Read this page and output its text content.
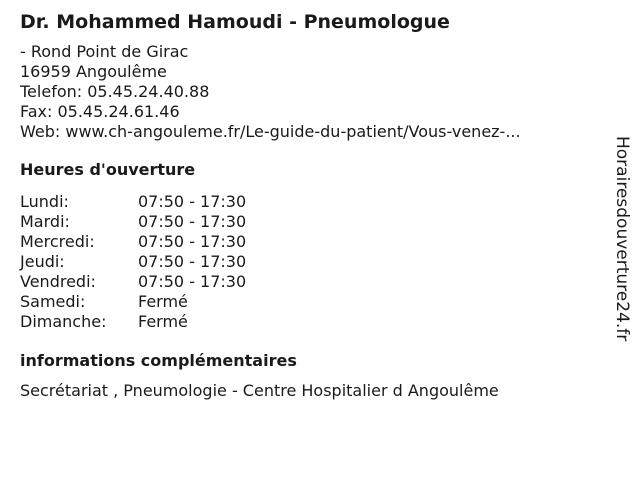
Dr. Mohammed Hamoudi - Pneumologue
- Rond Point de Girac
16959 Angoulême
Telefon: 05.45.24.40.88
Fax: 05.45.24.61.46
Web: www.ch-angouleme.fr/Le-guide-du-patient/Vous-venez-...
Heures d'ouverture
Lundi:	07:50 - 17:30
Mardi:	07:50 - 17:30
Mercredi:	07:50 - 17:30
Jeudi:	07:50 - 17:30
Vendredi:	07:50 - 17:30
Samedi:	Fermé
Dimanche:	Fermé
informations complémentaires
Secrétariat , Pneumologie - Centre Hospitalier d Angoulême
Horairesdouverture24.fr
